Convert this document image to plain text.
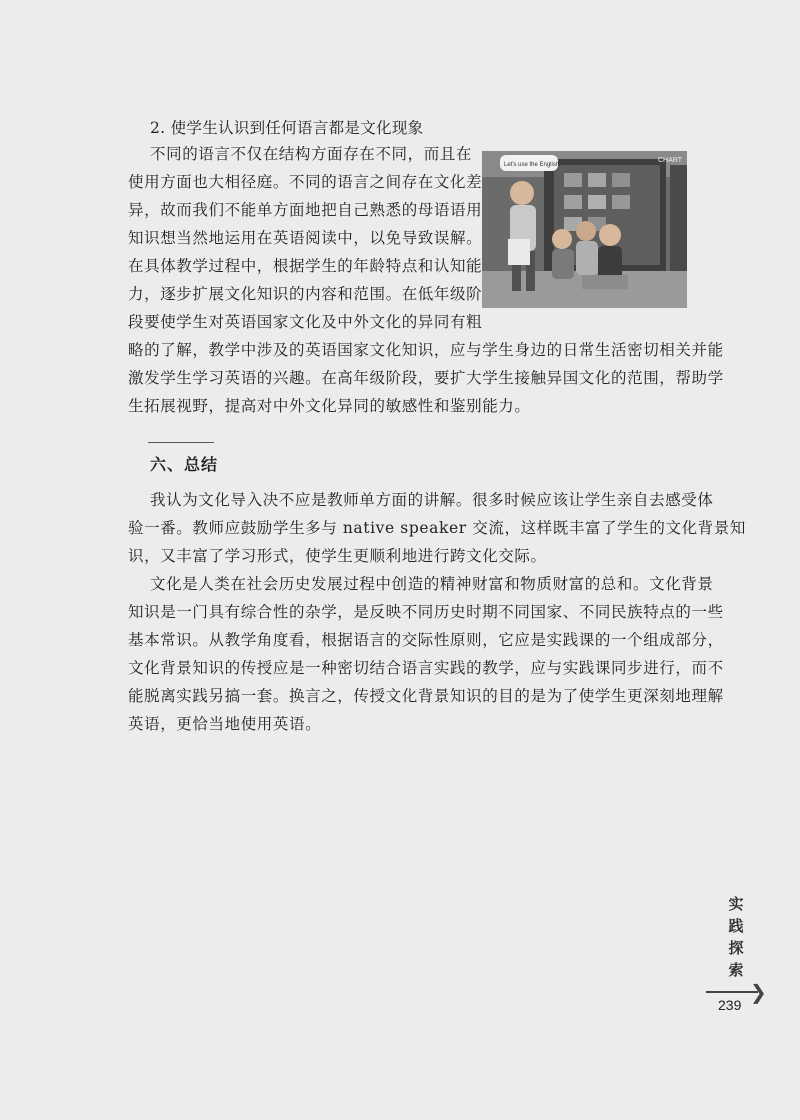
2. 使学生认识到任何语言都是文化现象
不同的语言不仅在结构方面存在不同，而且在
使用方面也大相径庭。不同的语言之间存在文化差
异，故而我们不能单方面地把自己熟悉的母语语用
知识想当然地运用在英语阅读中，以免导致误解。
在具体教学过程中，根据学生的年龄特点和认知能
力，逐步扩展文化知识的内容和范围。在低年级阶
段要使学生对英语国家文化及中外文化的异同有粗
略的了解，教学中涉及的英语国家文化知识，应与学生身边的日常生活密切相关并能
激发学生学习英语的兴趣。在高年级阶段，要扩大学生接触异国文化的范围，帮助学
生拓展视野，提高对中外文化异同的敏感性和鉴别能力。
CHART
Let's use the English!
六、总结
我认为文化导入决不应是教师单方面的讲解。很多时候应该让学生亲自去感受体
验一番。教师应鼓励学生多与 native speaker 交流，这样既丰富了学生的文化背景知
识，又丰富了学习形式，使学生更顺利地进行跨文化交际。
文化是人类在社会历史发展过程中创造的精神财富和物质财富的总和。文化背景
知识是一门具有综合性的杂学，是反映不同历史时期不同国家、不同民族特点的一些
基本常识。从教学角度看，根据语言的交际性原则，它应是实践课的一个组成部分，
文化背景知识的传授应是一种密切结合语言实践的教学，应与实践课同步进行，而不
能脱离实践另搞一套。换言之，传授文化背景知识的目的是为了使学生更深刻地理解
英语，更恰当地使用英语。
实
践
探
索
❯
239
